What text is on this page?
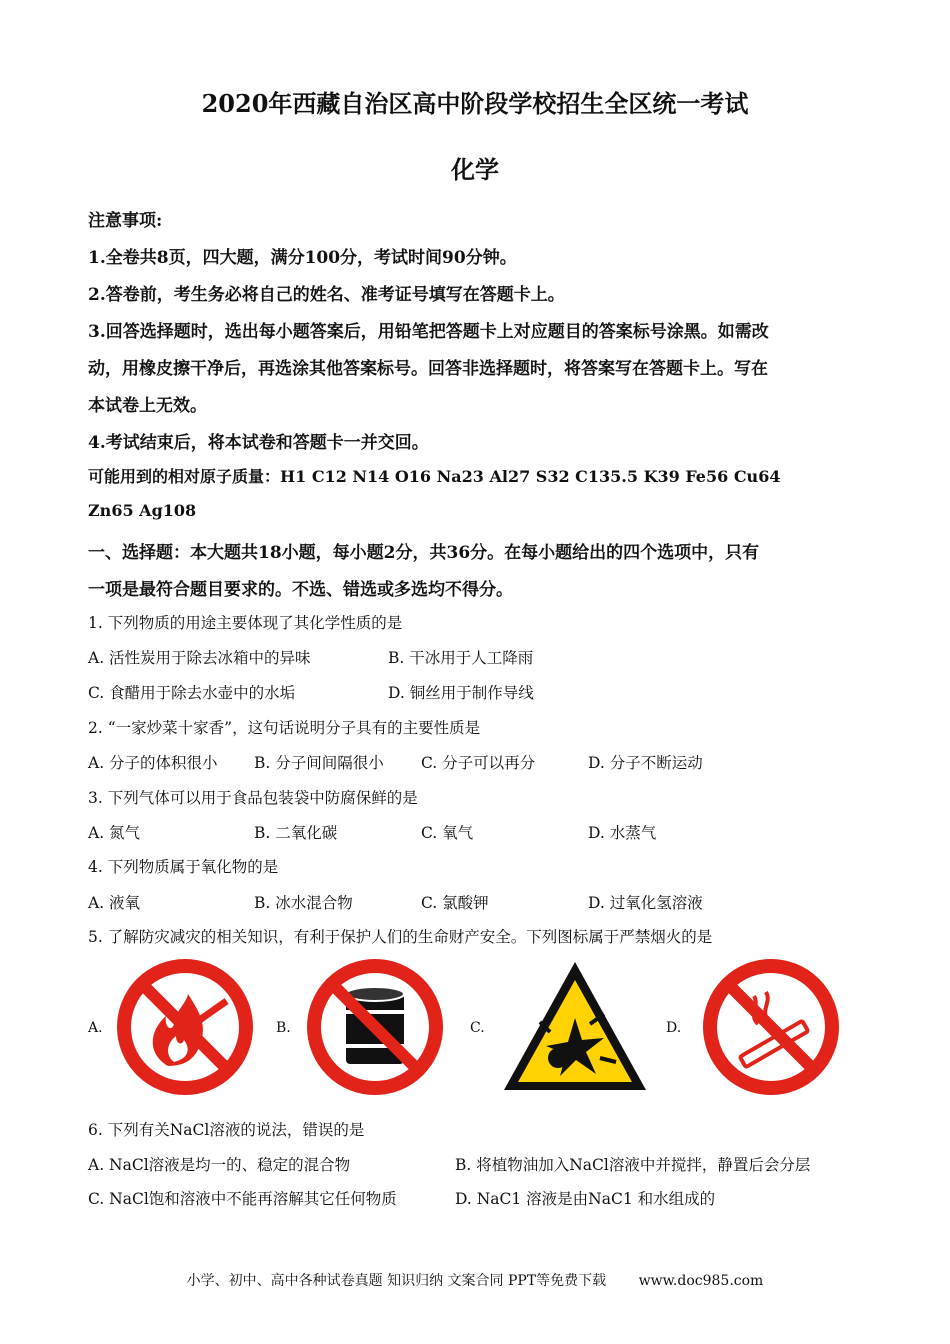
2020年西藏自治区高中阶段学校招生全区统一考试
化学
注意事项:
1.全卷共8页，四大题，满分100分，考试时间90分钟。
2.答卷前，考生务必将自己的姓名、准考证号填写在答题卡上。
3.回答选择题时，选出每小题答案后，用铅笔把答题卡上对应题目的答案标号涂黑。如需改
动，用橡皮擦干净后，再选涂其他答案标号。回答非选择题时，将答案写在答题卡上。写在
本试卷上无效。
4.考试结束后，将本试卷和答题卡一并交回。
可能用到的相对原子质量：H1 C12 N14 O16 Na23 Al27 S32 C135.5 K39 Fe56 Cu64
Zn65 Ag108
一、选择题：本大题共18小题，每小题2分，共36分。在每小题给出的四个选项中，只有
一项是最符合题目要求的。不选、错选或多选均不得分。
1. 下列物质的用途主要体现了其化学性质的是
A. 活性炭用于除去冰箱中的异味	B. 干冰用于人工降雨
C. 食醋用于除去水壶中的水垢	D. 铜丝用于制作导线
2. “一家炒菜十家香”，这句话说明分子具有的主要性质是
A. 分子的体积很小 B. 分子间间隔很小 C. 分子可以再分	D. 分子不断运动
3. 下列气体可以用于食品包装袋中防腐保鲜的是
A. 氮气	B. 二氧化碳	C. 氧气	D. 水蒸气
4. 下列物质属于氧化物的是
A. 液氧	B. 冰水混合物	C. 氯酸钾	D. 过氧化氢溶液
5. 了解防灾减灾的相关知识，有利于保护人们的生命财产安全。下列图标属于严禁烟火的是
A.	B.	C.	D.
6. 下列有关NaCl溶液的说法，错误的是
A. NaCl溶液是均一的、稳定的混合物	B. 将植物油加入NaCl溶液中并搅拌，静置后会分层
C. NaCl饱和溶液中不能再溶解其它任何物质	D. NaC1 溶液是由NaC1 和水组成的
小学、初中、高中各种试卷真题 知识归纳 文案合同 PPT等免费下载 www.doc985.com
